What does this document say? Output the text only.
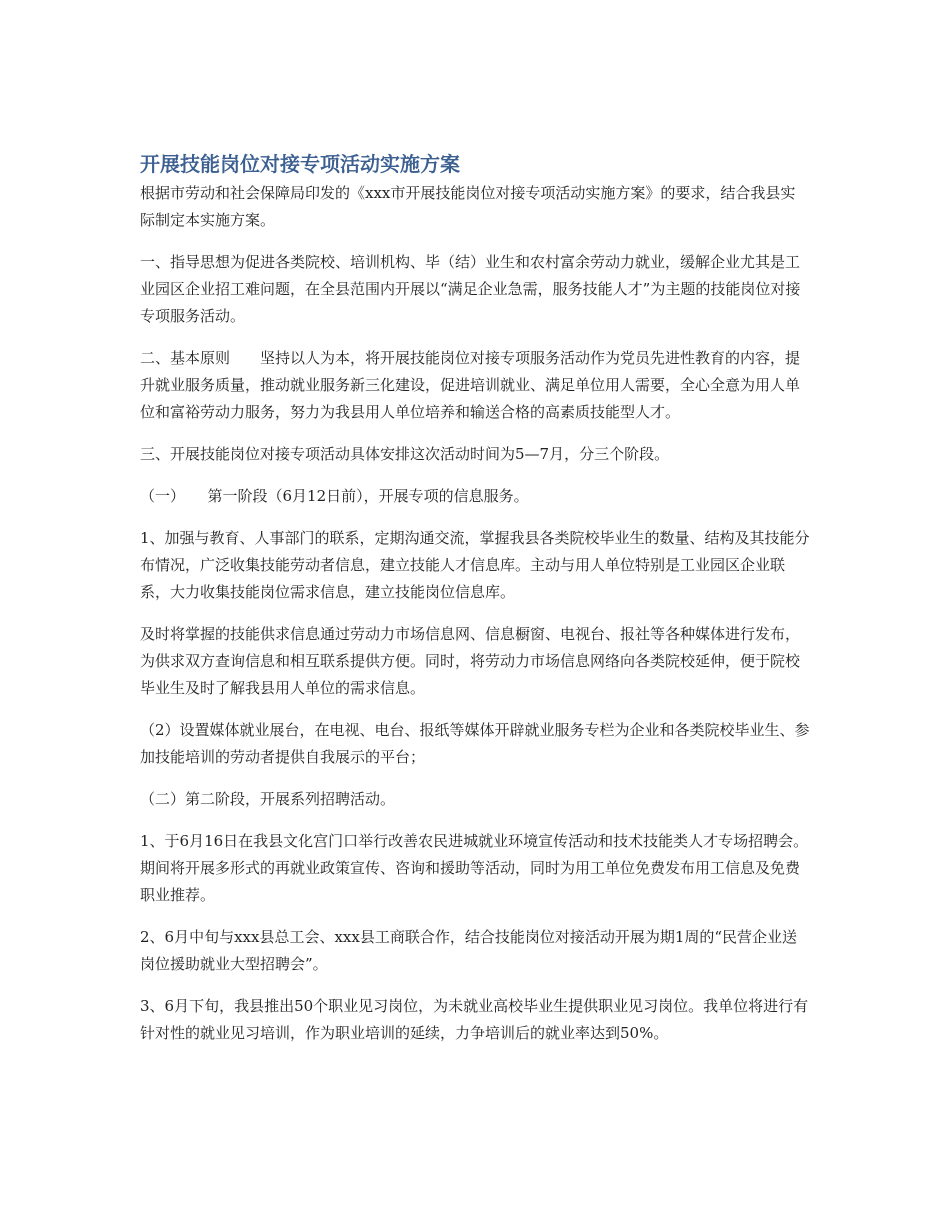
开展技能岗位对接专项活动实施方案

根据市劳动和社会保障局印发的《xxx市开展技能岗位对接专项活动实施方案》的要求，结合我县实际制定本实施方案。

一、指导思想为促进各类院校、培训机构、毕（结）业生和农村富余劳动力就业，缓解企业尤其是工业园区企业招工难问题，在全县范围内开展以“满足企业急需，服务技能人才”为主题的技能岗位对接专项服务活动。

二、基本原则　　坚持以人为本，将开展技能岗位对接专项服务活动作为党员先进性教育的内容，提升就业服务质量，推动就业服务新三化建设，促进培训就业、满足单位用人需要，全心全意为用人单位和富裕劳动力服务，努力为我县用人单位培养和输送合格的高素质技能型人才。

三、开展技能岗位对接专项活动具体安排这次活动时间为5—7月，分三个阶段。

（一）　　第一阶段（6月12日前），开展专项的信息服务。

1、加强与教育、人事部门的联系，定期沟通交流，掌握我县各类院校毕业生的数量、结构及其技能分布情况，广泛收集技能劳动者信息，建立技能人才信息库。主动与用人单位特别是工业园区企业联系，大力收集技能岗位需求信息，建立技能岗位信息库。

及时将掌握的技能供求信息通过劳动力市场信息网、信息橱窗、电视台、报社等各种媒体进行发布，为供求双方查询信息和相互联系提供方便。同时，将劳动力市场信息网络向各类院校延伸，便于院校毕业生及时了解我县用人单位的需求信息。

（2）设置媒体就业展台，在电视、电台、报纸等媒体开辟就业服务专栏为企业和各类院校毕业生、参加技能培训的劳动者提供自我展示的平台；

（二）第二阶段，开展系列招聘活动。

1、于6月16日在我县文化宫门口举行改善农民进城就业环境宣传活动和技术技能类人才专场招聘会。期间将开展多形式的再就业政策宣传、咨询和援助等活动，同时为用工单位免费发布用工信息及免费职业推荐。

2、6月中旬与xxx县总工会、xxx县工商联合作，结合技能岗位对接活动开展为期1周的“民营企业送岗位援助就业大型招聘会”。

3、6月下旬，我县推出50个职业见习岗位，为未就业高校毕业生提供职业见习岗位。我单位将进行有针对性的就业见习培训，作为职业培训的延续，力争培训后的就业率达到50%。
